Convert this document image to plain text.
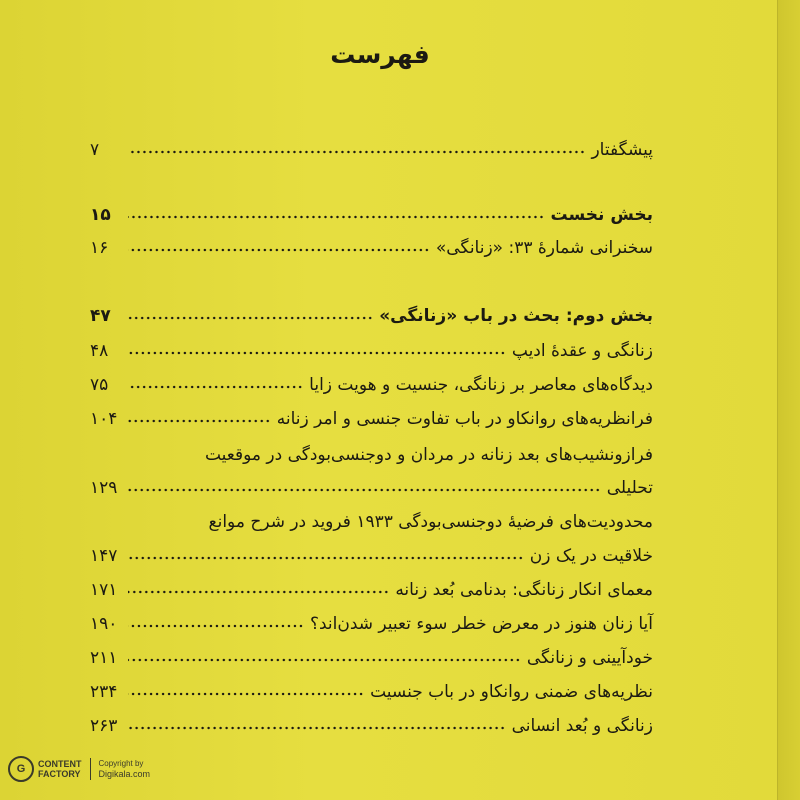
فهرست
پیشگفتار
۷
بخش نخست
۱۵
سخنرانی شمارهٔ ۳۳: «زنانگی»
۱۶
بخش دوم: بحث در باب «زنانگی»
۴۷
زنانگی و عقدهٔ ادیپ
۴۸
دیدگاه‌های معاصر بر زنانگی، جنسیت و هویت زایا
۷۵
فرانظریه‌های روانکاو در باب تفاوت جنسی و امر زنانه
۱۰۴
فرازونشیب‌های بعد زنانه در مردان و دوجنسی‌بودگی در موقعیت
تحلیلی
۱۲۹
محدودیت‌های فرضیهٔ دوجنسی‌بودگی ۱۹۳۳ فروید در شرح موانع
خلاقیت در یک زن
۱۴۷
معمای انکار زنانگی: بدنامی بُعد زنانه
۱۷۱
آیا زنان هنوز در معرض خطر سوء تعبیر شدن‌اند؟
۱۹۰
خودآیینی و زنانگی
۲۱۱
نظریه‌های ضمنی روانکاو در باب جنسیت
۲۳۴
زنانگی و بُعد انسانی
۲۶۳
G	CONTENT
FACTORY
Copyright by
Digikala.com
